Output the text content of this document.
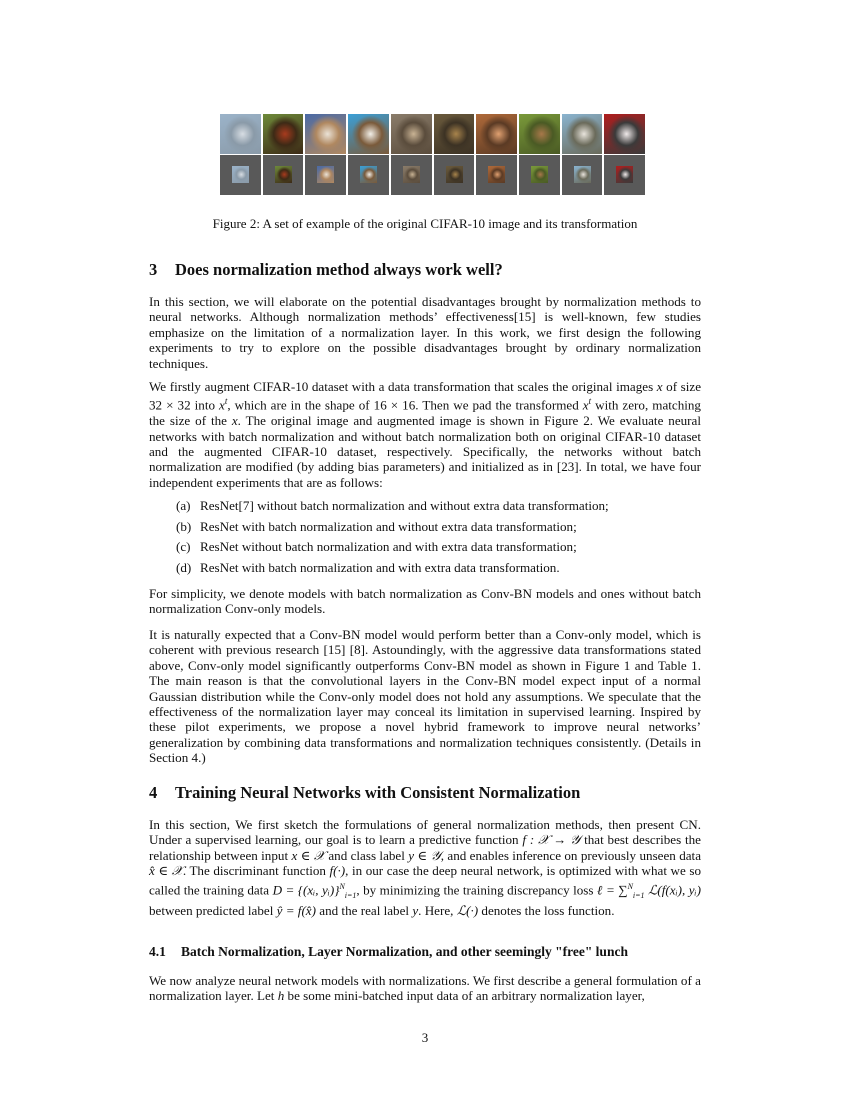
Figure 2: A set of example of the original CIFAR-10 image and its transformation
3 Does normalization method always work well?

In this section, we will elaborate on the potential disadvantages brought by normalization methods to neural networks. Although normalization methods’ effectiveness[15] is well-known, few studies emphasize on the limitation of a normalization layer. In this work, we first design the following experiments to try to explore on the possible disadvantages brought by ordinary normalization techniques.

We firstly augment CIFAR-10 dataset with a data transformation that scales the original images x of size 32 × 32 into $x^t$, which are in the shape of 16 × 16. Then we pad the transformed $x^t$ with zero, matching the size of the x. The original image and augmented image is shown in Figure 2. We evaluate neural networks with batch normalization and without batch normalization both on original CIFAR-10 dataset and the augmented CIFAR-10 dataset, respectively. Specifically, the networks without batch normalization are modified (by adding bias parameters) and initialized as in [23]. In total, we have four independent experiments that are as follows:

(a) ResNet[7] without batch normalization and without extra data transformation;
(b) ResNet with batch normalization and without extra data transformation;
(c) ResNet without batch normalization and with extra data transformation;
(d) ResNet with batch normalization and with extra data transformation.

For simplicity, we denote models with batch normalization as Conv-BN models and ones without batch normalization Conv-only models.

It is naturally expected that a Conv-BN model would perform better than a Conv-only model, which is coherent with previous research [15] [8]. Astoundingly, with the aggressive data transformations stated above, Conv-only model significantly outperforms Conv-BN model as shown in Figure 1 and Table 1. The main reason is that the convolutional layers in the Conv-BN model expect input of a normal Gaussian distribution while the Conv-only model does not hold any assumptions. We speculate that the effectiveness of the normalization layer may conceal its limitation in supervised learning. Inspired by these pilot experiments, we propose a novel hybrid framework to improve neural networks’ generalization by combining data transformations and normalization techniques consistently. (Details in Section 4.)

4 Training Neural Networks with Consistent Normalization

In this section, We first sketch the formulations of general normalization methods, then present CN. Under a supervised learning, our goal is to learn a predictive function f : 𝒳 → 𝒴 that best describes the relationship between input x ∈ 𝒳 and class label y ∈ 𝒴, and enables inference on previously unseen data x̂ ∈ 𝒳. The discriminant function f(·), in our case the deep neural network, is optimized with what we so called the training data D = {(xᵢ, yᵢ)}$^N_{i=1}$, by minimizing the training discrepancy loss ℓ = ∑$^N_{i=1}$ ℒ(f(xᵢ), yᵢ) between predicted label ŷ = f(x̂) and the real label y. Here, ℒ(·) denotes the loss function.

4.1 Batch Normalization, Layer Normalization, and other seemingly "free" lunch

We now analyze neural network models with normalizations. We first describe a general formulation of a normalization layer. Let h be some mini-batched input data of an arbitrary normalization layer,

3
